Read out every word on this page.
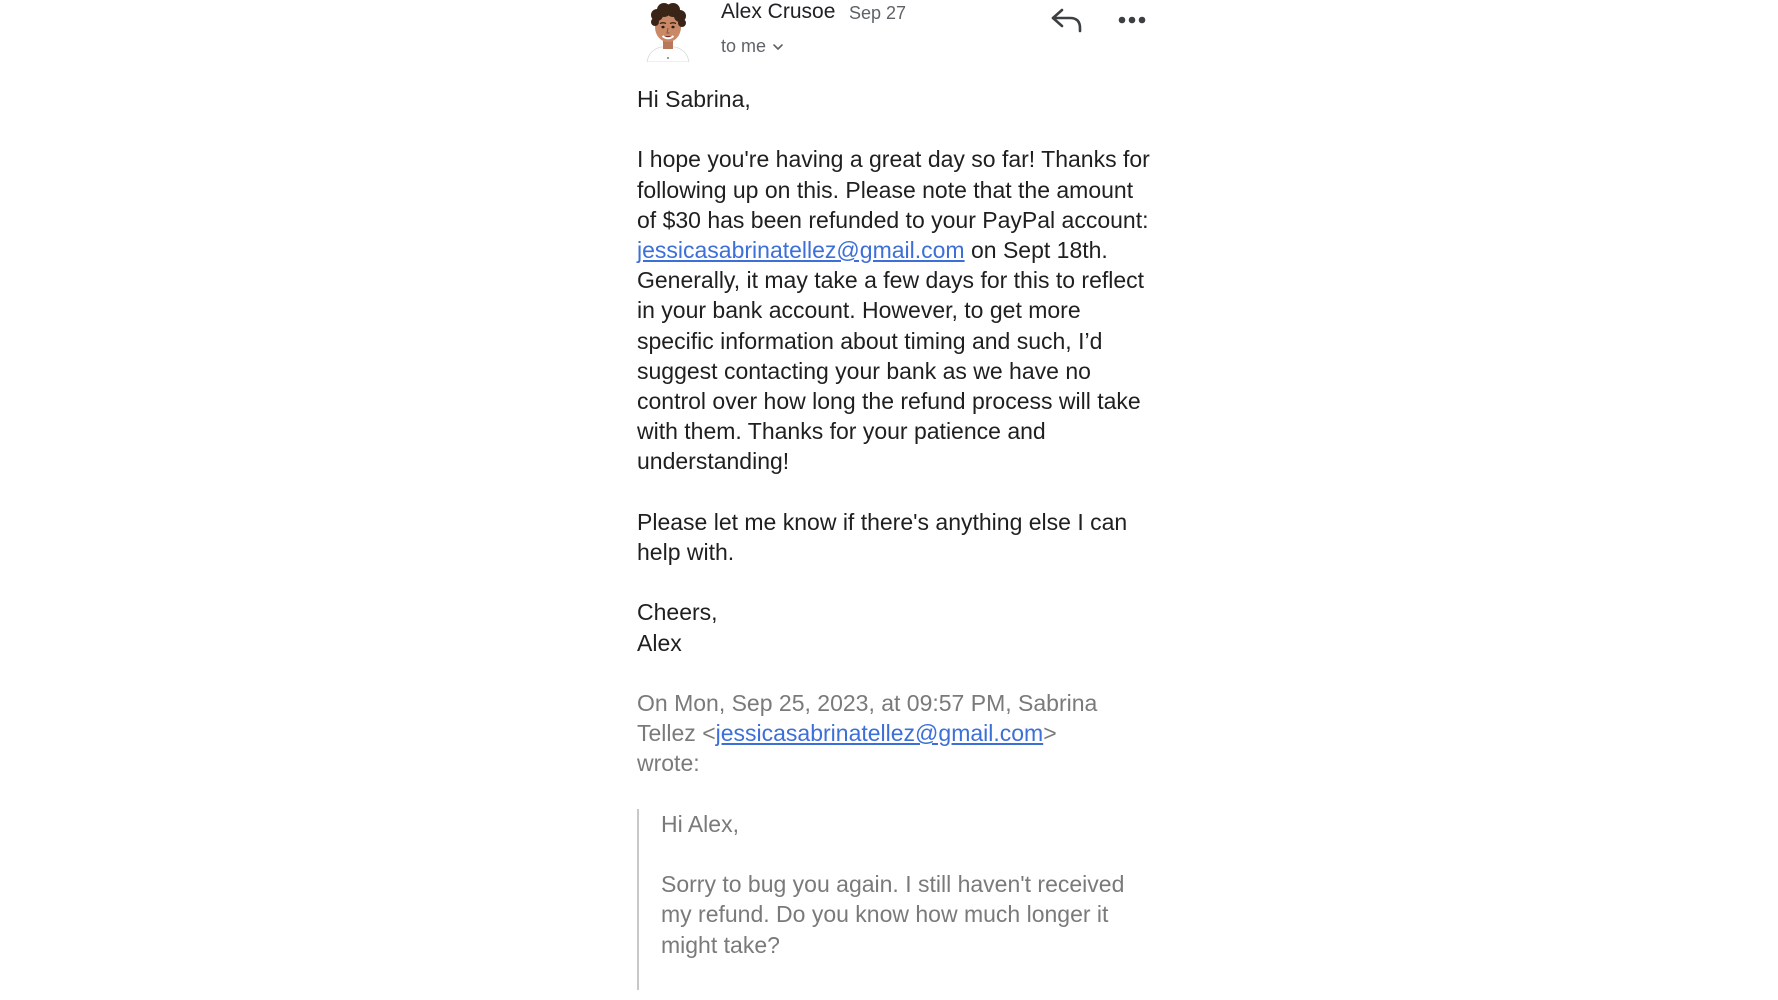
Alex Crusoe Sep 27
to me

Hi Sabrina,

I hope you're having a great day so far! Thanks for following up on this. Please note that the amount of $30 has been refunded to your PayPal account: jessicasabrinatellez@gmail.com on Sept 18th. Generally, it may take a few days for this to reflect in your bank account. However, to get more specific information about timing and such, I’d suggest contacting your bank as we have no control over how long the refund process will take with them. Thanks for your patience and understanding!

Please let me know if there's anything else I can help with.

Cheers,
Alex

On Mon, Sep 25, 2023, at 09:57 PM, Sabrina Tellez <jessicasabrinatellez@gmail.com>
wrote:

Hi Alex,

Sorry to bug you again. I still haven't received my refund. Do you know how much longer it might take?
